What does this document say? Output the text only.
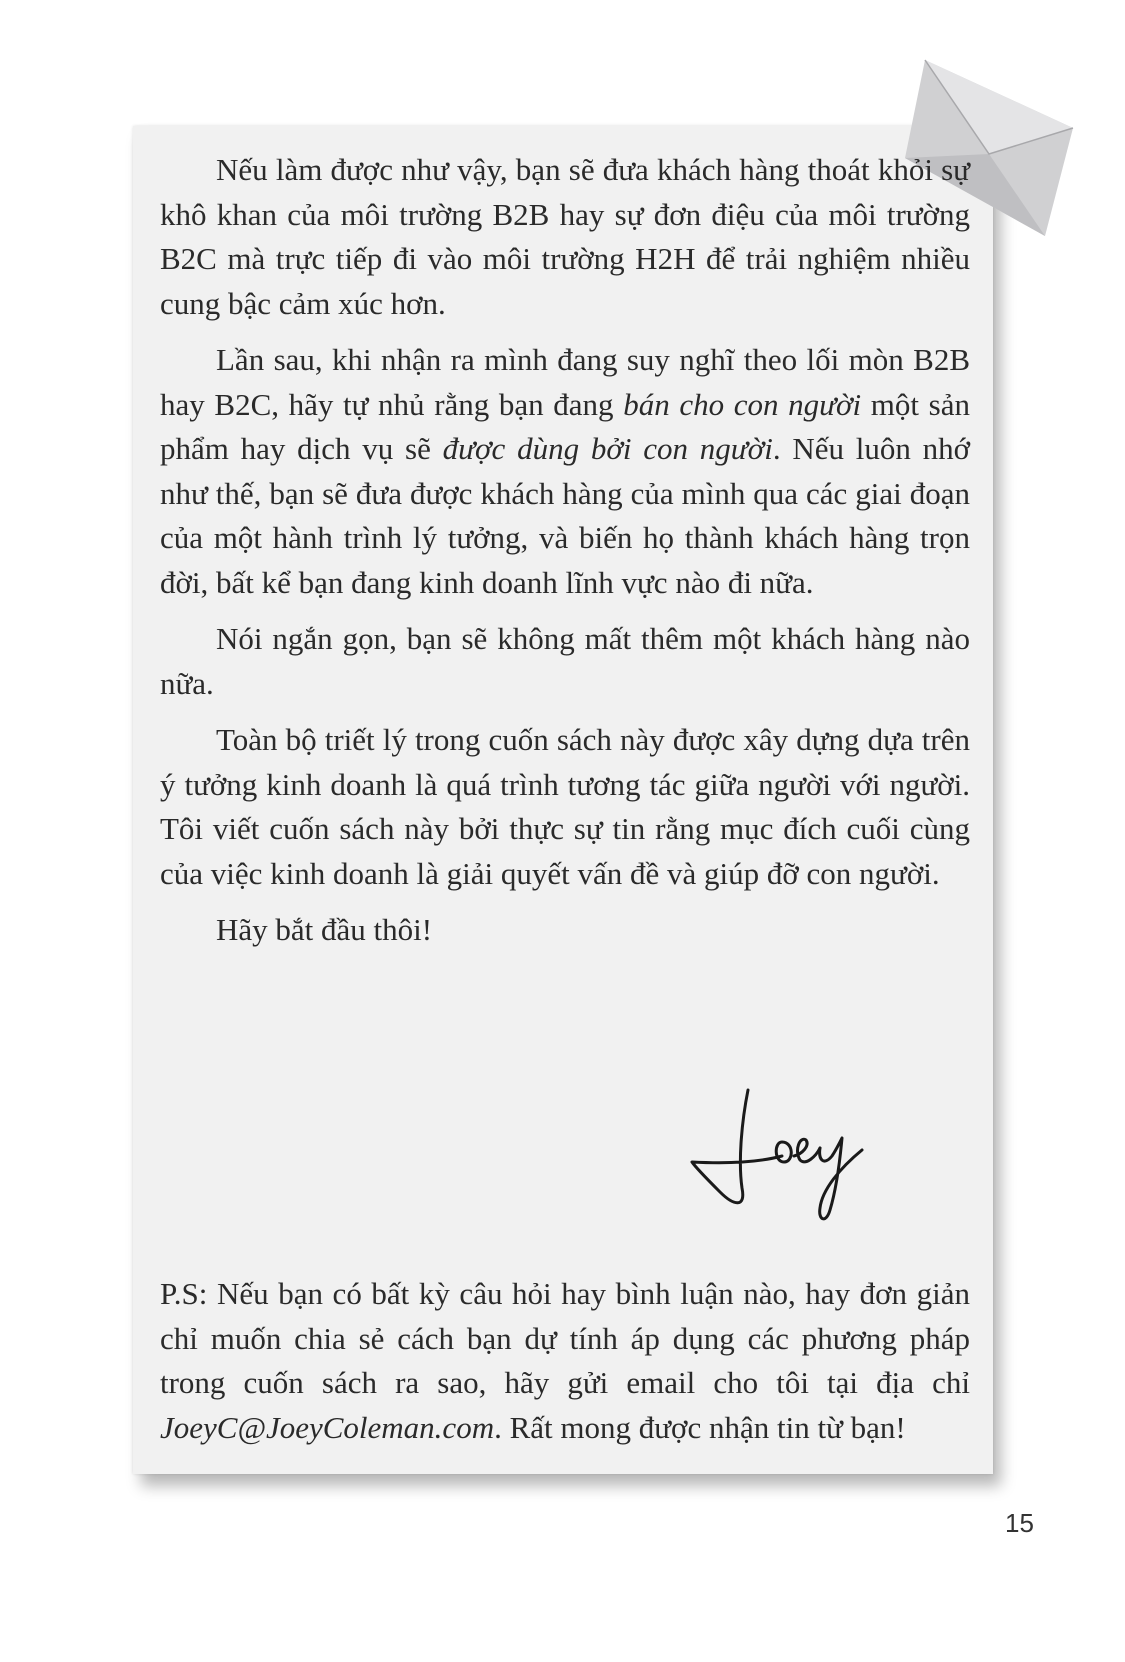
Nếu làm được như vậy, bạn sẽ đưa khách hàng thoát khỏi sự khô khan của môi trường B2B hay sự đơn điệu của môi trường B2C mà trực tiếp đi vào môi trường H2H để trải nghiệm nhiều cung bậc cảm xúc hơn.

Lần sau, khi nhận ra mình đang suy nghĩ theo lối mòn B2B hay B2C, hãy tự nhủ rằng bạn đang bán cho con người một sản phẩm hay dịch vụ sẽ được dùng bởi con người. Nếu luôn nhớ như thế, bạn sẽ đưa được khách hàng của mình qua các giai đoạn của một hành trình lý tưởng, và biến họ thành khách hàng trọn đời, bất kể bạn đang kinh doanh lĩnh vực nào đi nữa.

Nói ngắn gọn, bạn sẽ không mất thêm một khách hàng nào nữa.

Toàn bộ triết lý trong cuốn sách này được xây dựng dựa trên ý tưởng kinh doanh là quá trình tương tác giữa người với người. Tôi viết cuốn sách này bởi thực sự tin rằng mục đích cuối cùng của việc kinh doanh là giải quyết vấn đề và giúp đỡ con người.

Hãy bắt đầu thôi!

P.S: Nếu bạn có bất kỳ câu hỏi hay bình luận nào, hay đơn giản chỉ muốn chia sẻ cách bạn dự tính áp dụng các phương pháp trong cuốn sách ra sao, hãy gửi email cho tôi tại địa chỉ JoeyC@JoeyColeman.com. Rất mong được nhận tin từ bạn!

15
